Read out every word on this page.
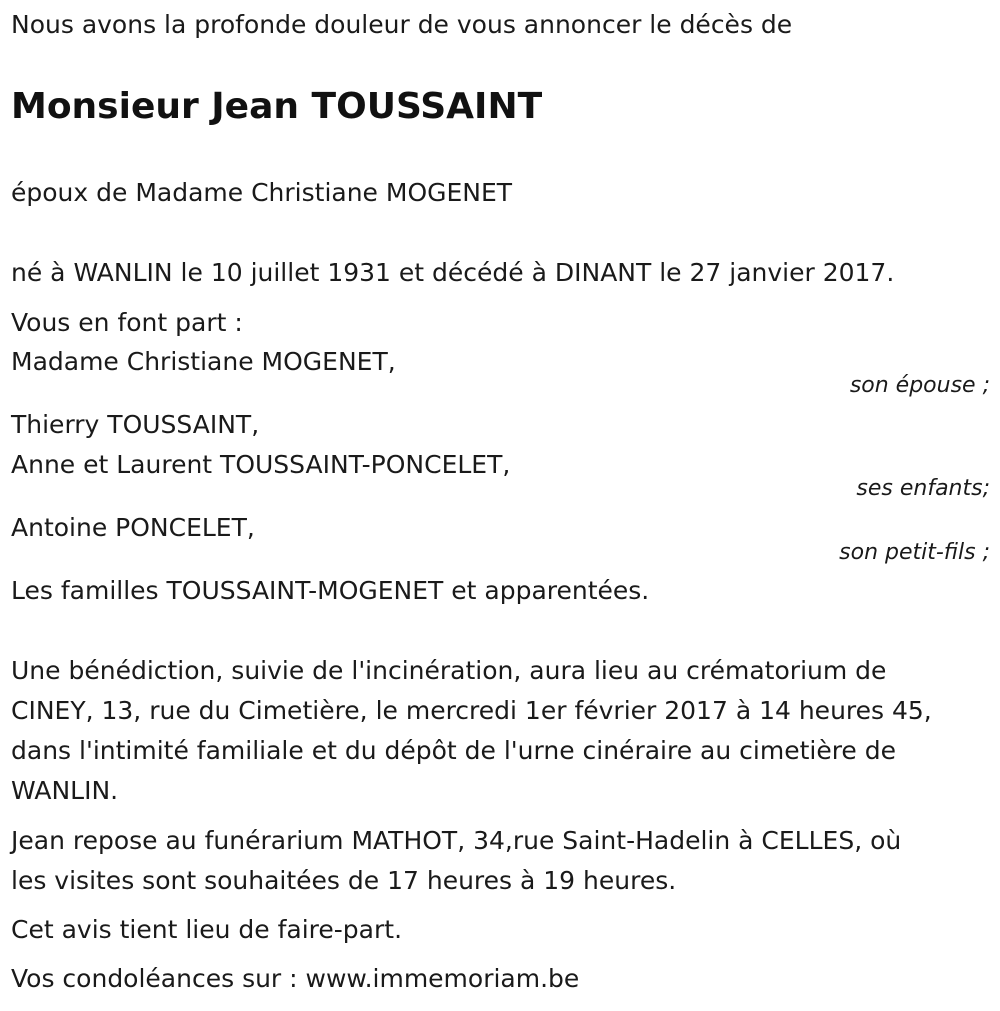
Nous avons la profonde douleur de vous annoncer le décès de
Monsieur Jean TOUSSAINT
époux de Madame Christiane MOGENET
né à WANLIN le 10 juillet 1931 et décédé à DINANT le 27 janvier 2017.
Vous en font part :
Madame Christiane MOGENET,
son épouse ;
Thierry TOUSSAINT,
Anne et Laurent TOUSSAINT-PONCELET,
ses enfants;
Antoine PONCELET,
son petit-fils ;
Les familles TOUSSAINT-MOGENET et apparentées.
Une bénédiction, suivie de l'incinération, aura lieu au crématorium de
CINEY, 13, rue du Cimetière, le mercredi 1er février 2017 à 14 heures 45,
dans l'intimité familiale et du dépôt de l'urne cinéraire au cimetière de
WANLIN.
Jean repose au funérarium MATHOT, 34,rue Saint-Hadelin à CELLES, où
les visites sont souhaitées de 17 heures à 19 heures.
Cet avis tient lieu de faire-part.
Vos condoléances sur : www.immemoriam.be
